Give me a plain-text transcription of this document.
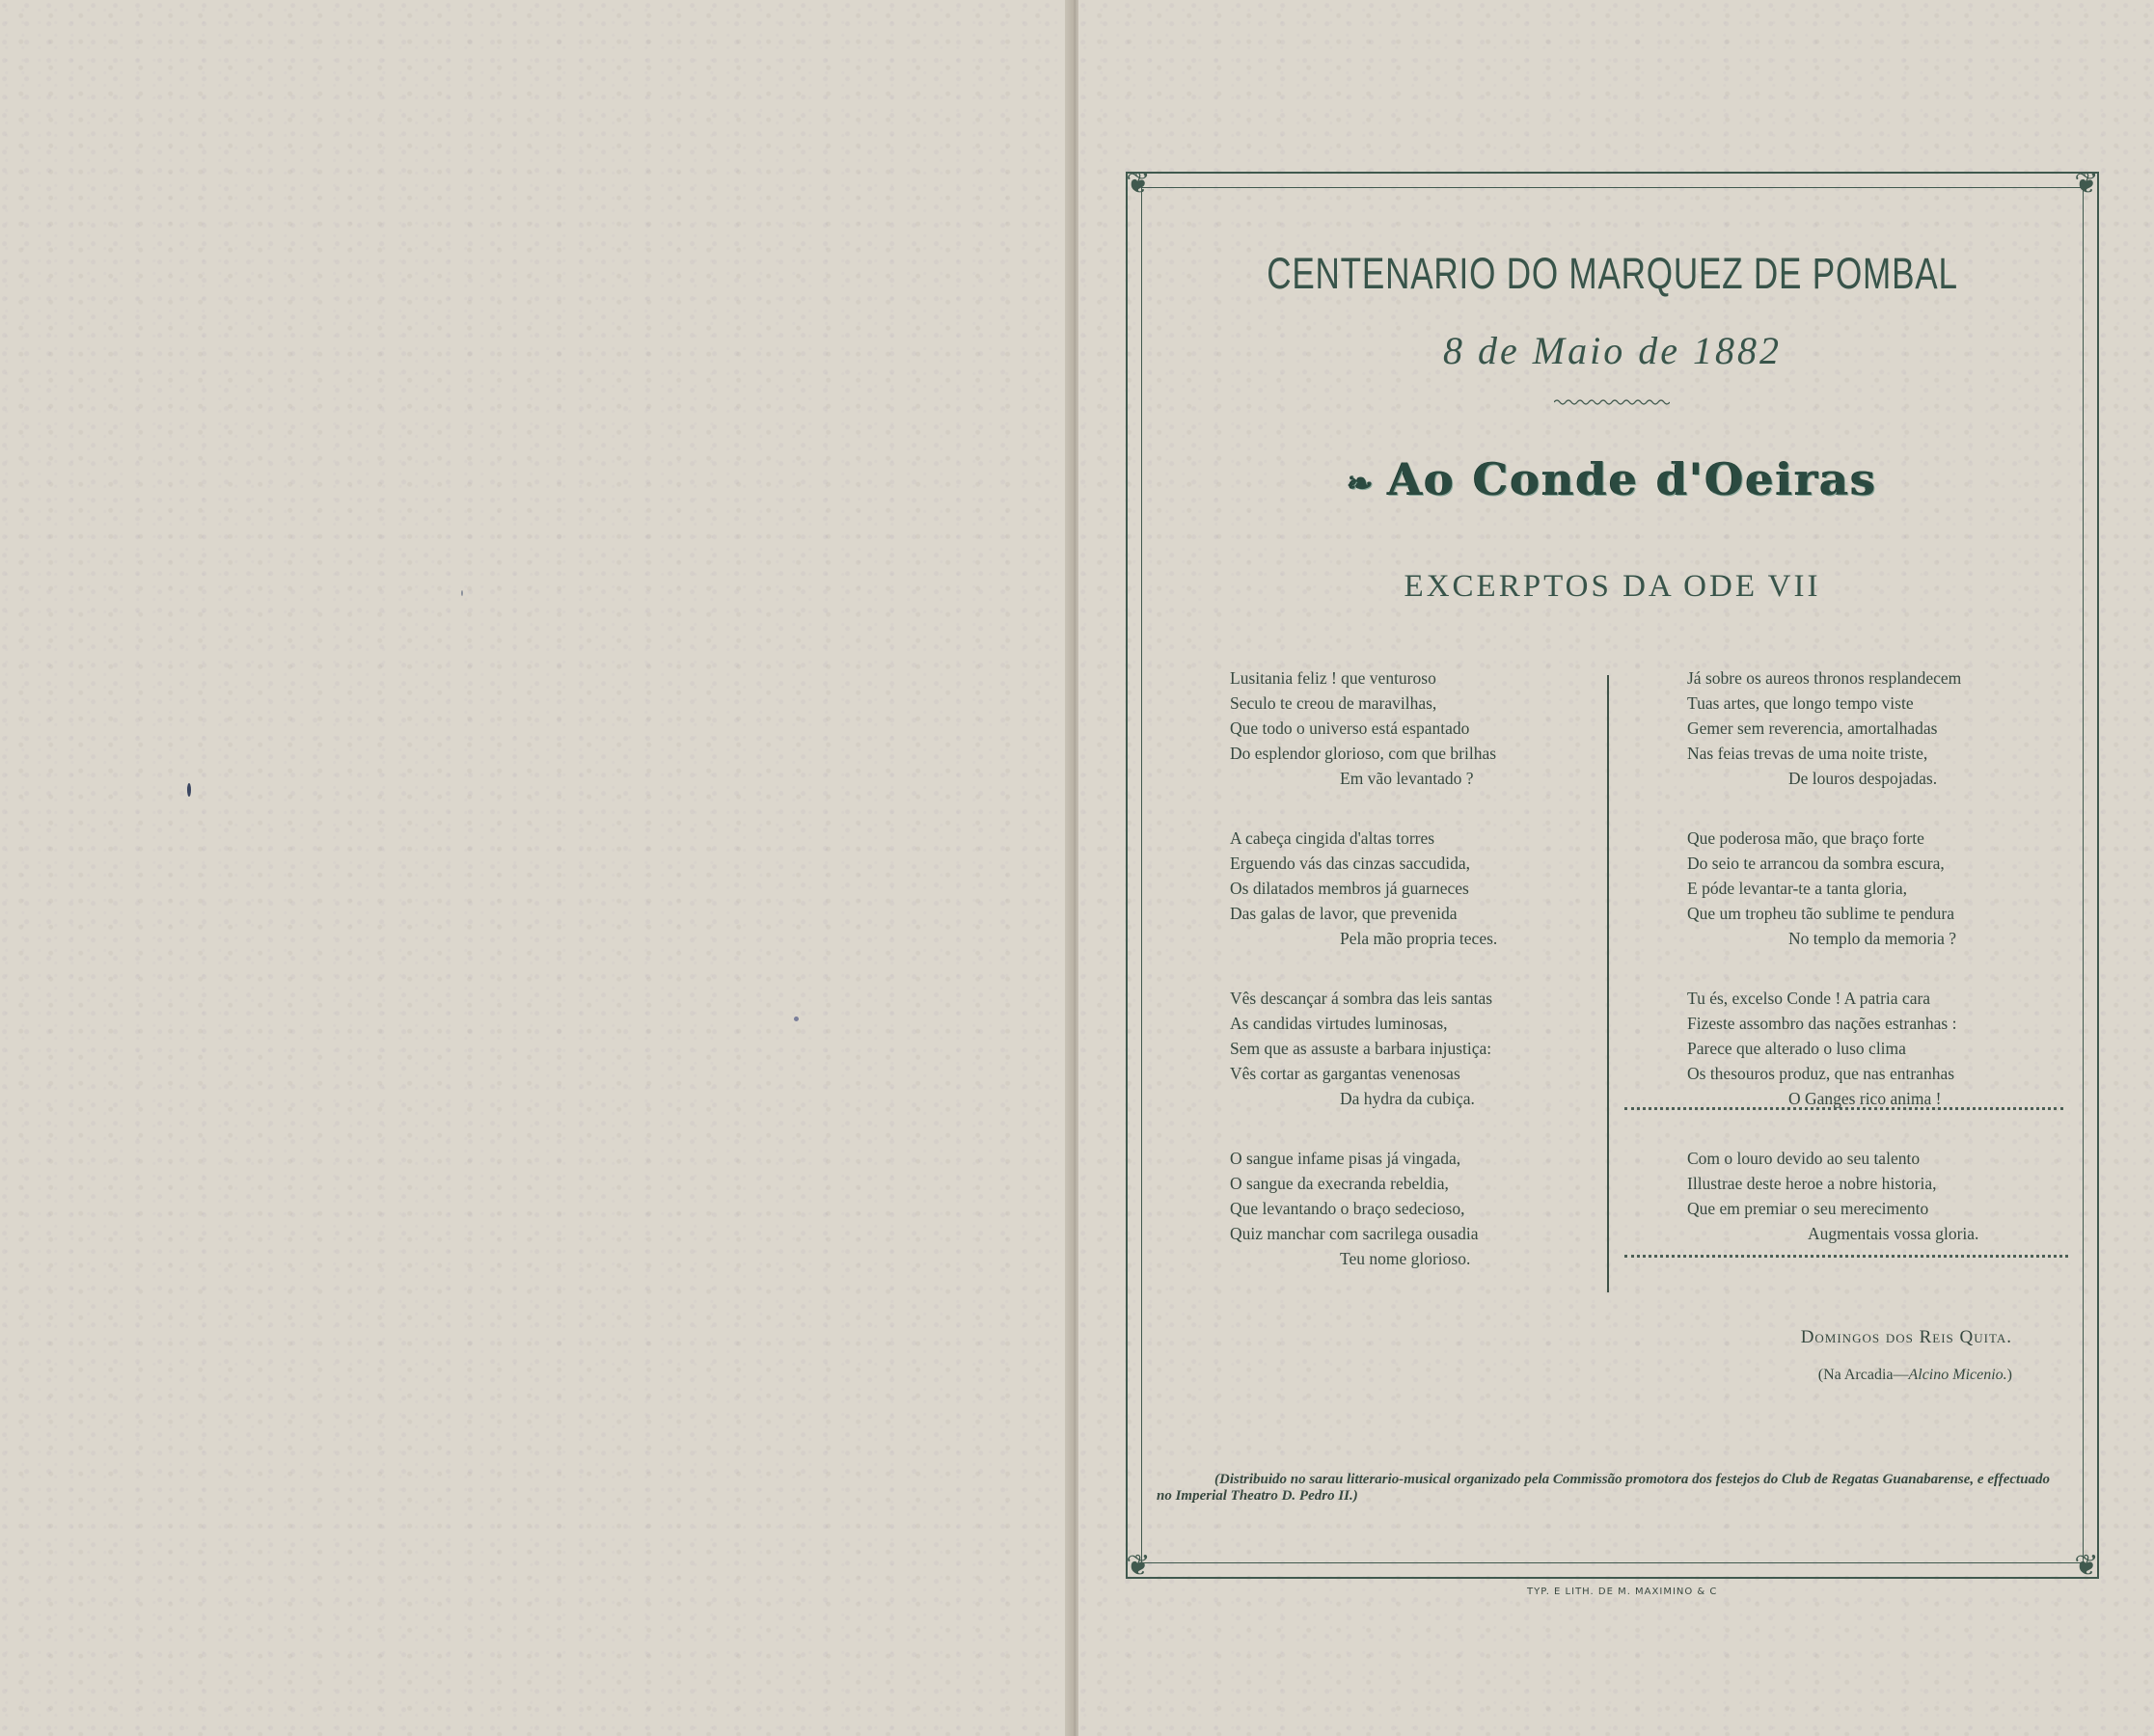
❦	❦
❦	❦
CENTENARIO DO MARQUEZ DE POMBAL
8 de Maio de 1882
❧ Ao Conde d'Oeiras
EXCERPTOS DA ODE VII
Lusitania feliz ! que venturoso
Seculo te creou de maravilhas,
Que todo o universo está espantado
Do esplendor glorioso, com que brilhas
Em vão levantado ?
A cabeça cingida d'altas torres
Erguendo vás das cinzas saccudida,
Os dilatados membros já guarneces
Das galas de lavor, que prevenida
Pela mão propria teces.
Vês descançar á sombra das leis santas
As candidas virtudes luminosas,
Sem que as assuste a barbara injustiça:
Vês cortar as gargantas venenosas
Da hydra da cubiça.
O sangue infame pisas já vingada,
O sangue da execranda rebeldia,
Que levantando o braço sedecioso,
Quiz manchar com sacrilega ousadia
Teu nome glorioso.
Já sobre os aureos thronos resplandecem
Tuas artes, que longo tempo viste
Gemer sem reverencia, amortalhadas
Nas feias trevas de uma noite triste,
De louros despojadas.
Que poderosa mão, que braço forte
Do seio te arrancou da sombra escura,
E póde levantar-te a tanta gloria,
Que um tropheu tão sublime te pendura
No templo da memoria ?
Tu és, excelso Conde ! A patria cara
Fizeste assombro das nações estranhas :
Parece que alterado o luso clima
Os thesouros produz, que nas entranhas
O Ganges rico anima !
Com o louro devido ao seu talento
Illustrae deste heroe a nobre historia,
Que em premiar o seu merecimento
Augmentais vossa gloria.
Domingos dos Reis Quita.
(Na Arcadia—Alcino Micenio.)
(Distribuido no sarau litterario-musical organizado pela Commissão promotora dos festejos do Club de Regatas Guanabarense, e effectuado no Imperial Theatro D. Pedro II.)
TYP. E LITH. DE M. MAXIMINO & C
